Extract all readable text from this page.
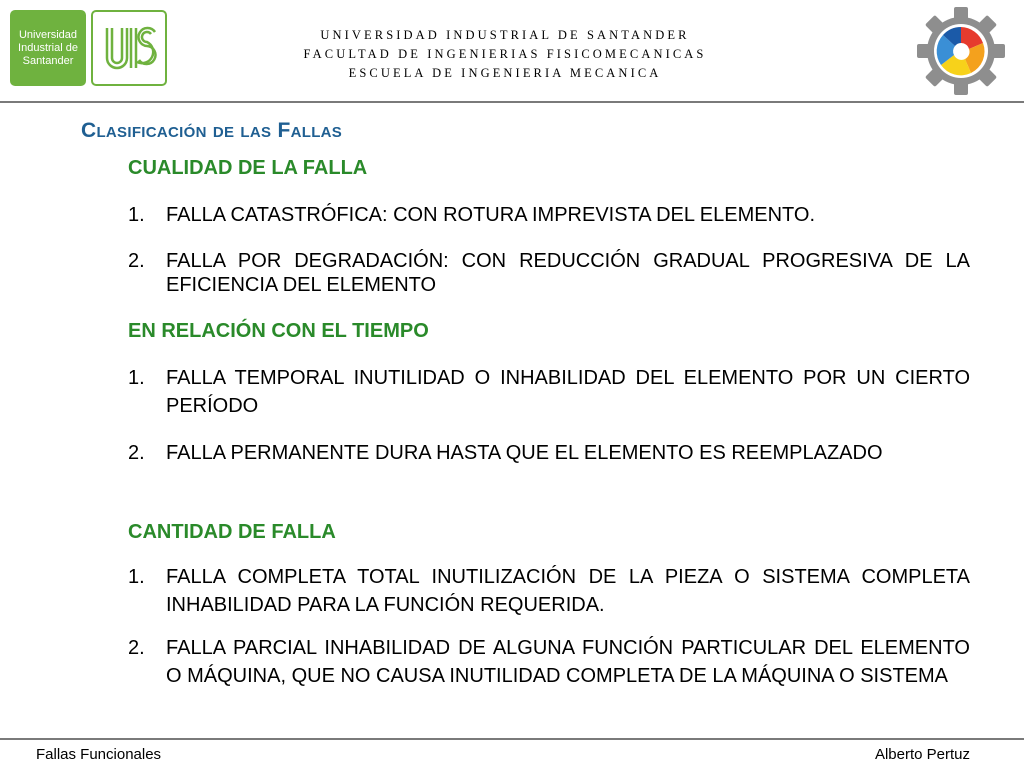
Universidad
Industrial de
Santander
UNIVERSIDAD INDUSTRIAL DE SANTANDER
FACULTAD DE INGENIERIAS FISICOMECANICAS
ESCUELA DE INGENIERIA MECANICA
Clasificación de las Fallas
CUALIDAD DE LA FALLA
1.	FALLA CATASTRÓFICA: CON ROTURA IMPREVISTA DEL ELEMENTO.
2.	FALLA POR DEGRADACIÓN: CON REDUCCIÓN GRADUAL PROGRESIVA DE LA EFICIENCIA DEL ELEMENTO
EN RELACIÓN CON EL TIEMPO
1.	FALLA TEMPORAL INUTILIDAD O INHABILIDAD DEL ELEMENTO POR UN CIERTO PERÍODO
2.	FALLA PERMANENTE DURA HASTA QUE EL ELEMENTO ES REEMPLAZADO
CANTIDAD DE FALLA
1.	FALLA COMPLETA TOTAL INUTILIZACIÓN DE LA PIEZA O SISTEMA COMPLETA INHABILIDAD PARA LA FUNCIÓN REQUERIDA.
2.	FALLA PARCIAL INHABILIDAD DE ALGUNA FUNCIÓN PARTICULAR DEL ELEMENTO O MÁQUINA, QUE NO CAUSA INUTILIDAD COMPLETA DE LA MÁQUINA O SISTEMA
Fallas Funcionales	Alberto Pertuz
